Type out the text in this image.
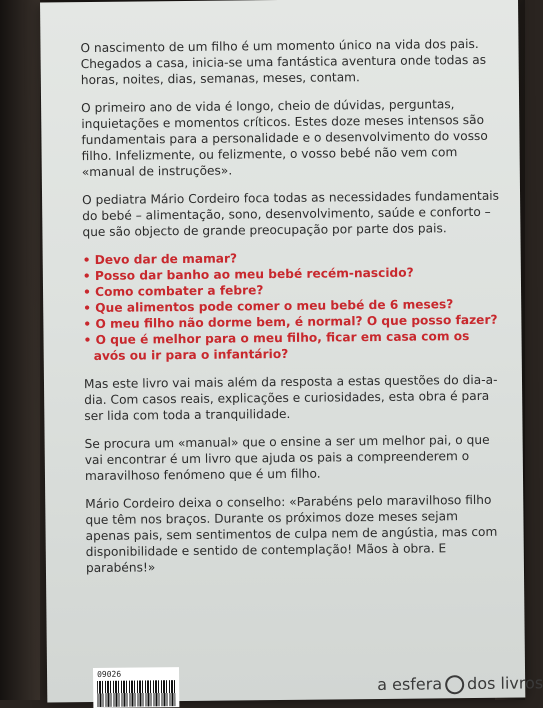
O nascimento de um filho é um momento único na vida dos pais. Chegados a casa, inicia-se uma fantástica aventura onde todas as horas, noites, dias, semanas, meses, contam.

O primeiro ano de vida é longo, cheio de dúvidas, perguntas, inquietações e momentos críticos. Estes doze meses intensos são fundamentais para a personalidade e o desenvolvimento do vosso filho. Infelizmente, ou felizmente, o vosso bebé não vem com «manual de instruções».

O pediatra Mário Cordeiro foca todas as necessidades fundamentais do bebé – alimentação, sono, desenvolvimento, saúde e conforto – que são objecto de grande preocupação por parte dos pais.

• Devo dar de mamar?
• Posso dar banho ao meu bebé recém-nascido?
• Como combater a febre?
• Que alimentos pode comer o meu bebé de 6 meses?
• O meu filho não dorme bem, é normal? O que posso fazer?
• O que é melhor para o meu filho, ficar em casa com os avós ou ir para o infantário?

Mas este livro vai mais além da resposta a estas questões do dia-a-dia. Com casos reais, explicações e curiosidades, esta obra é para ser lida com toda a tranquilidade.

Se procura um «manual» que o ensine a ser um melhor pai, o que vai encontrar é um livro que ajuda os pais a compreenderem o maravilhoso fenómeno que é um filho.

Mário Cordeiro deixa o conselho: «Parabéns pelo maravilhoso filho que têm nos braços. Durante os próximos doze meses sejam apenas pais, sem sentimentos de culpa nem de angústia, mas com disponibilidade e sentido de contemplação! Mãos à obra. E parabéns!»

09026
a esfera dos livros
